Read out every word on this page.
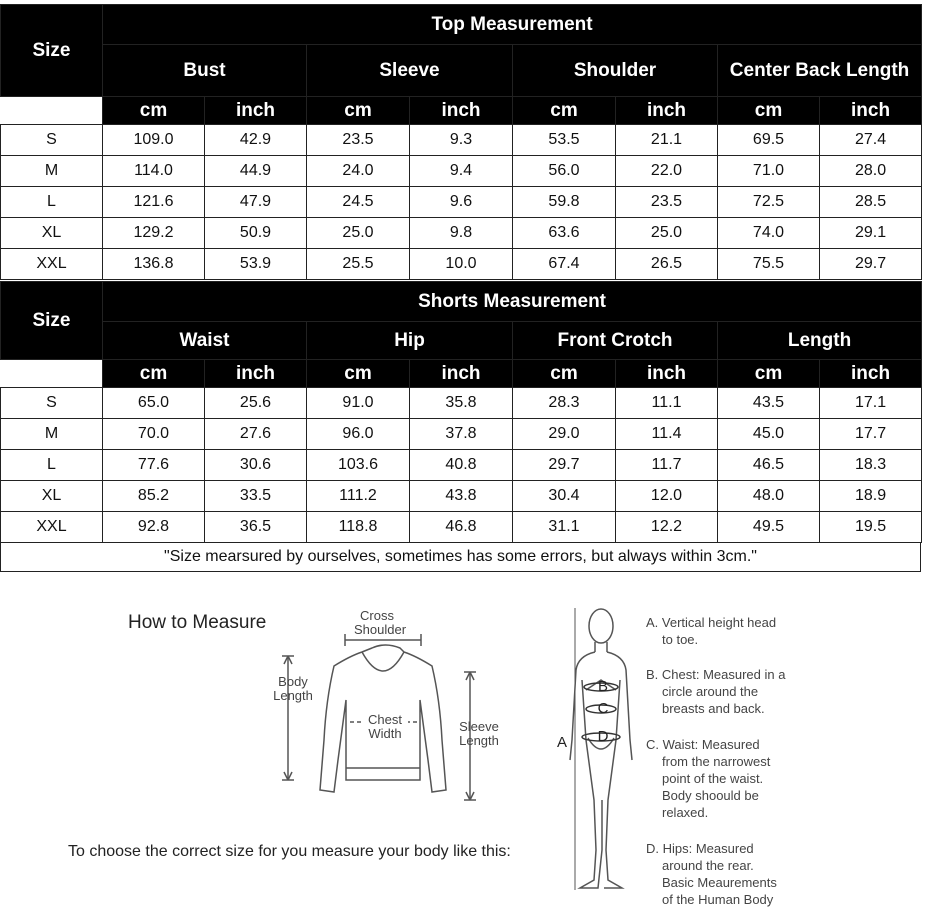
Size	Top Measurement							
	Bust		Sleeve		Shoulder		Center Back Length	
	cm	inch	cm	inch	cm	inch	cm	inch
S	109.0	42.9	23.5	9.3	53.5	21.1	69.5	27.4
M	114.0	44.9	24.0	9.4	56.0	22.0	71.0	28.0
L	121.6	47.9	24.5	9.6	59.8	23.5	72.5	28.5
XL	129.2	50.9	25.0	9.8	63.6	25.0	74.0	29.1
XXL	136.8	53.9	25.5	10.0	67.4	26.5	75.5	29.7
Size	Shorts Measurement							
	Waist		Hip		Front Crotch		Length	
	cm	inch	cm	inch	cm	inch	cm	inch
S	65.0	25.6	91.0	35.8	28.3	11.1	43.5	17.1
M	70.0	27.6	96.0	37.8	29.0	11.4	45.0	17.7
L	77.6	30.6	103.6	40.8	29.7	11.7	46.5	18.3
XL	85.2	33.5	111.2	43.8	30.4	12.0	48.0	18.9
XXL	92.8	36.5	118.8	46.8	31.1	12.2	49.5	19.5
"Size mearsured by ourselves, sometimes has some errors, but always within 3cm."
How to Measure	Cross
Shoulder
Body
Length
Chest
Width	Sleeve
Length	A
B
C
D
A. Vertical height head
to toe.
B. Chest: Measured in a
circle around the
breasts and back.
C. Waist: Measured
from the narrowest
point of the waist.
Body shoould be
relaxed.
D. Hips: Measured
around the rear.
Basic Meaurements
of the Human Body
To choose the correct size for you measure your body like this:
